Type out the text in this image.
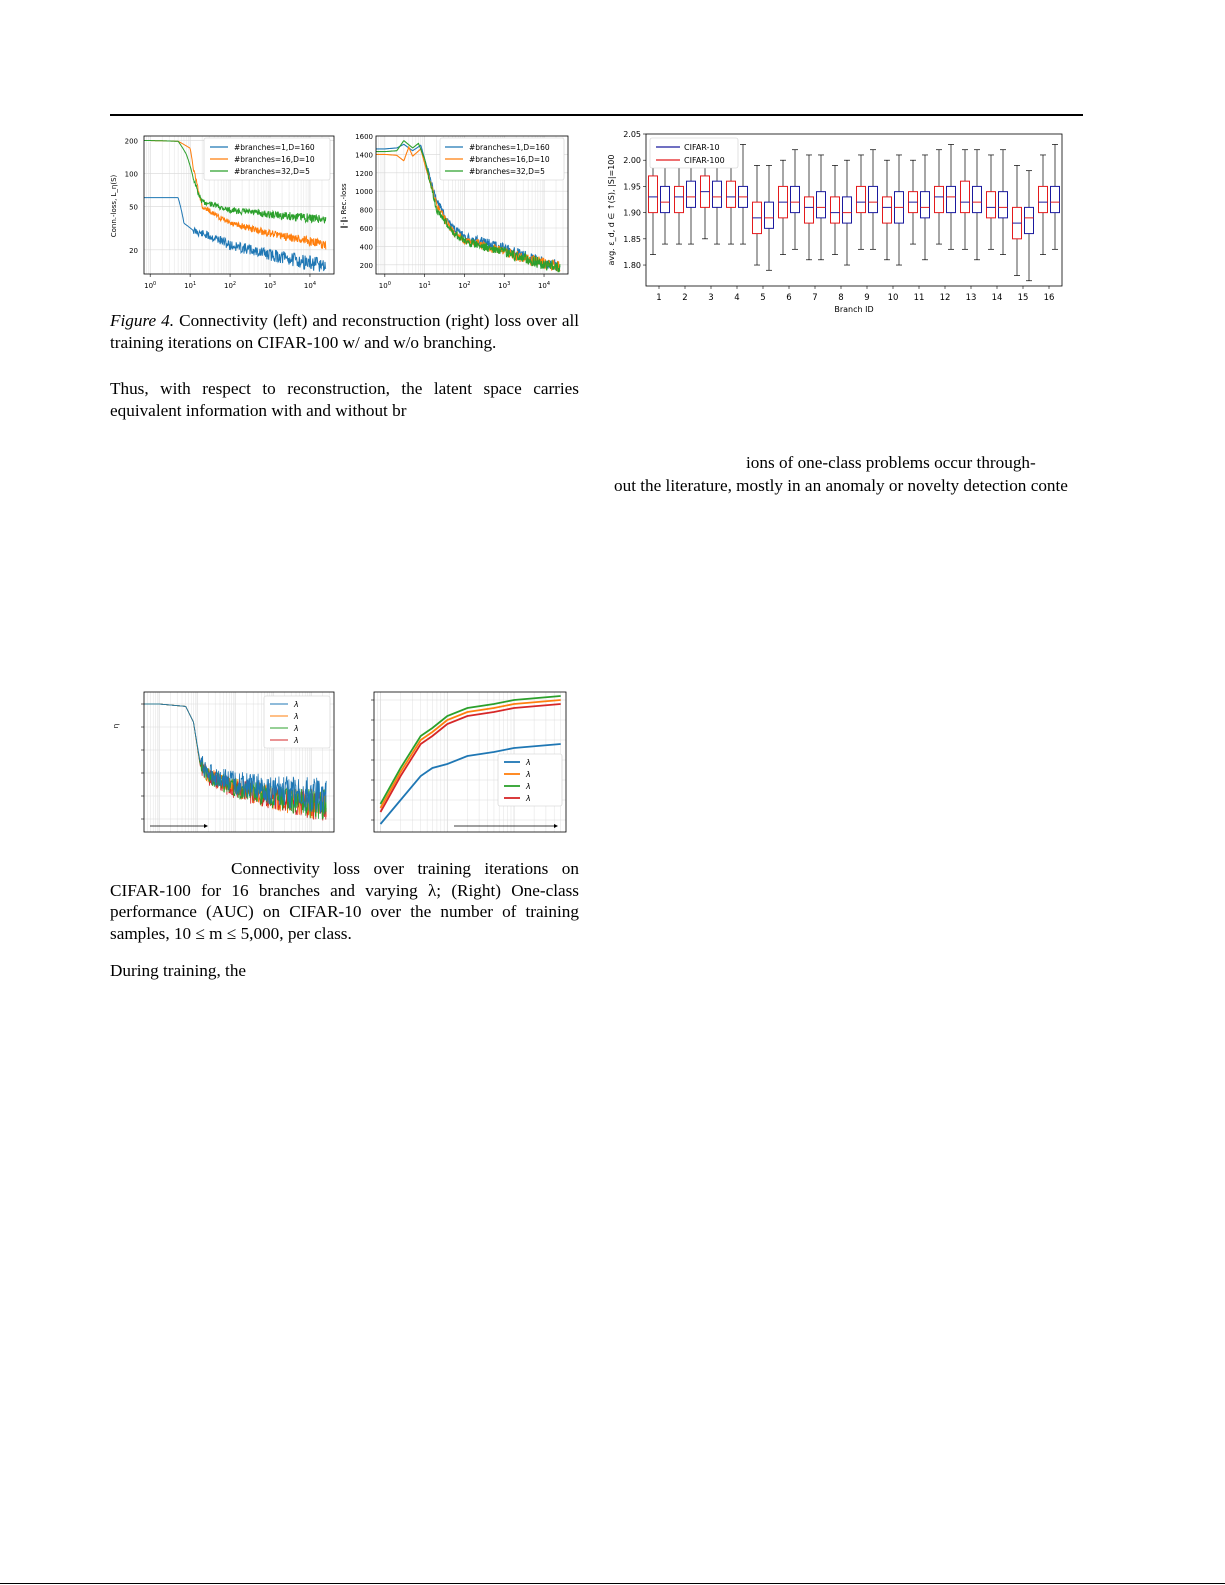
20
50
100
200
$10^0$	$10^1$	$10^2$	$10^3$	$10^4$
Conn.-loss, L_η(S)
#branches=1,D=160
#branches=16,D=10
#branches=32,D=5
200
400
600
800
1000
1200
1400
1600
$10^0$	$10^1$	$10^2$	$10^3$	$10^4$
‖·‖₁ Rec.-loss
#branches=1,D=160
#branches=16,D=10
#branches=32,D=5
Figure 4. Connectivity (left) and reconstruction (right) loss over all training iterations on CIFAR-100 w/ and w/o branching.
Thus, with respect to reconstruction, the latent space carries equivalent information with and without br
1.80
1.85
1.90
1.95
2.00
2.05
avg. ε_d, d ∈ ↑(S), |S|=100
1 2 3 4 5 6 7 8 9 10 11 12 13 14 15 16
Branch ID
CIFAR-10
CIFAR-100
ions of one-class problems occur through-
out the literature, mostly in an anomaly or novelty detection conte
η
λ
λ
λ
λ
λ
λ
λ
λ
Connectivity loss over training iterations on CIFAR-100 for 16 branches and varying λ; (Right) One-class performance (AUC) on CIFAR-10 over the number of training samples, 10 ≤ m ≤ 5,000, per class.
During training, the
